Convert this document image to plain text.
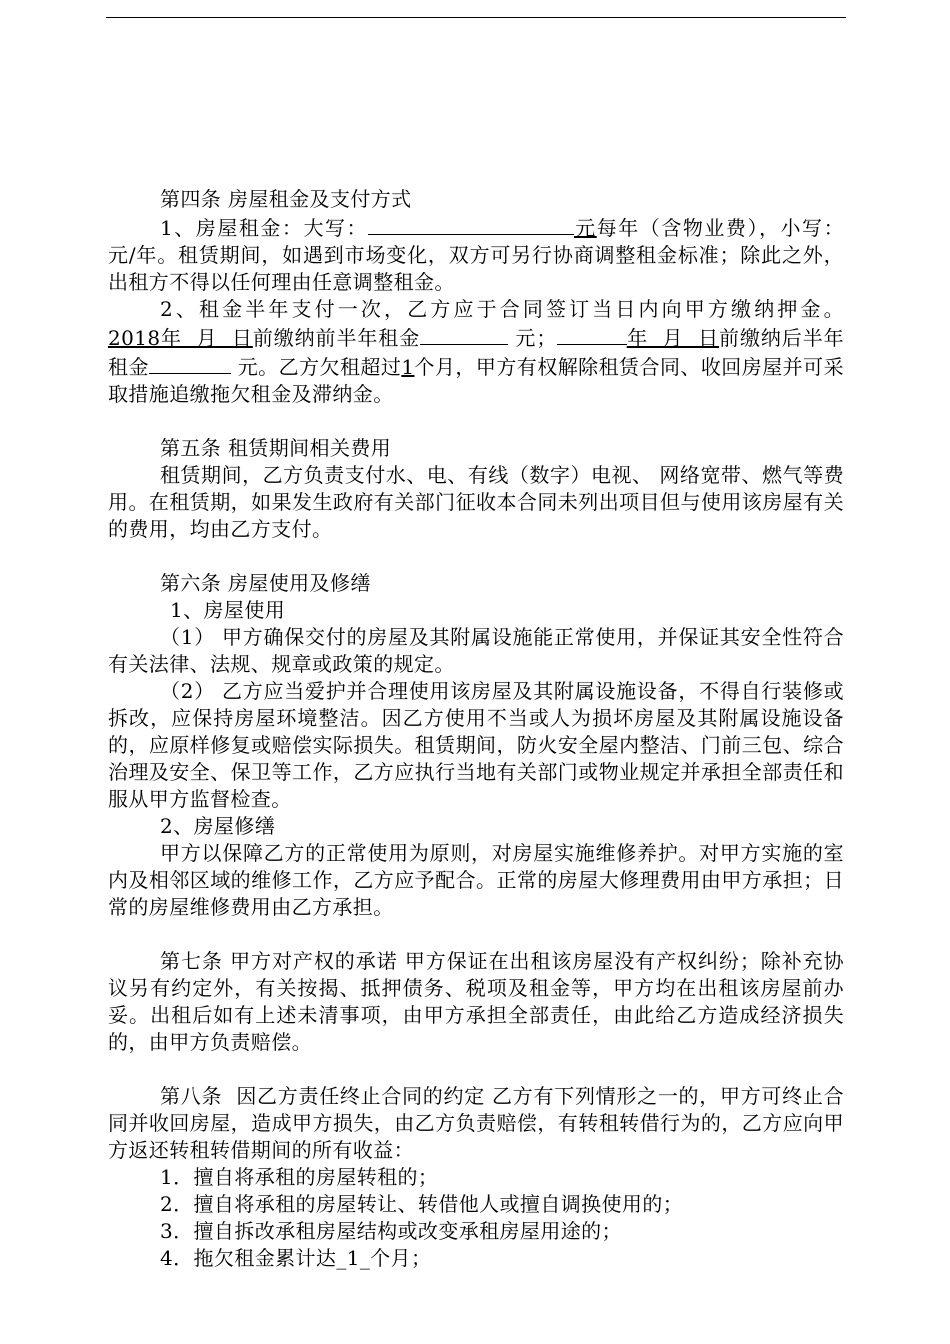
第四条 房屋租金及支付方式

1、房屋租金：大写：	元每年（含物业费），小写：元/年。租赁期间，如遇到市场变化，双方可另行协商调整租金标准；除此之外，出租方不得以任何理由任意调整租金。

2、租金半年支付一次，乙方应于合同签订当日内向甲方缴纳押金。2018年  月  日前缴纳前半年租金	元；	年  月  日前缴纳后半年租金	元。乙方欠租超过1个月，甲方有权解除租赁合同、收回房屋并可采取措施追缴拖欠租金及滞纳金。

第五条 租赁期间相关费用

租赁期间，乙方负责支付水、电、有线（数字）电视、 网络宽带、燃气等费用。在租赁期，如果发生政府有关部门征收本合同未列出项目但与使用该房屋有关的费用，均由乙方支付。

第六条 房屋使用及修缮

1、房屋使用

（1） 甲方确保交付的房屋及其附属设施能正常使用，并保证其安全性符合有关法律、法规、规章或政策的规定。

（2） 乙方应当爱护并合理使用该房屋及其附属设施设备，不得自行装修或拆改，应保持房屋环境整洁。因乙方使用不当或人为损坏房屋及其附属设施设备的，应原样修复或赔偿实际损失。租赁期间，防火安全屋内整洁、门前三包、综合治理及安全、保卫等工作，乙方应执行当地有关部门或物业规定并承担全部责任和服从甲方监督检查。

2、房屋修缮

甲方以保障乙方的正常使用为原则，对房屋实施维修养护。对甲方实施的室内及相邻区域的维修工作，乙方应予配合。正常的房屋大修理费用由甲方承担；日常的房屋维修费用由乙方承担。

第七条 甲方对产权的承诺 甲方保证在出租该房屋没有产权纠纷；除补充协议另有约定外，有关按揭、抵押债务、税项及租金等，甲方均在出租该房屋前办妥。出租后如有上述未清事项，由甲方承担全部责任，由此给乙方造成经济损失的，由甲方负责赔偿。

第八条  因乙方责任终止合同的约定 乙方有下列情形之一的，甲方可终止合同并收回房屋，造成甲方损失，由乙方负责赔偿，有转租转借行为的，乙方应向甲方返还转租转借期间的所有收益：

1．擅自将承租的房屋转租的；

2．擅自将承租的房屋转让、转借他人或擅自调换使用的；

3．擅自拆改承租房屋结构或改变承租房屋用途的；

4．拖欠租金累计达_1_个月；
